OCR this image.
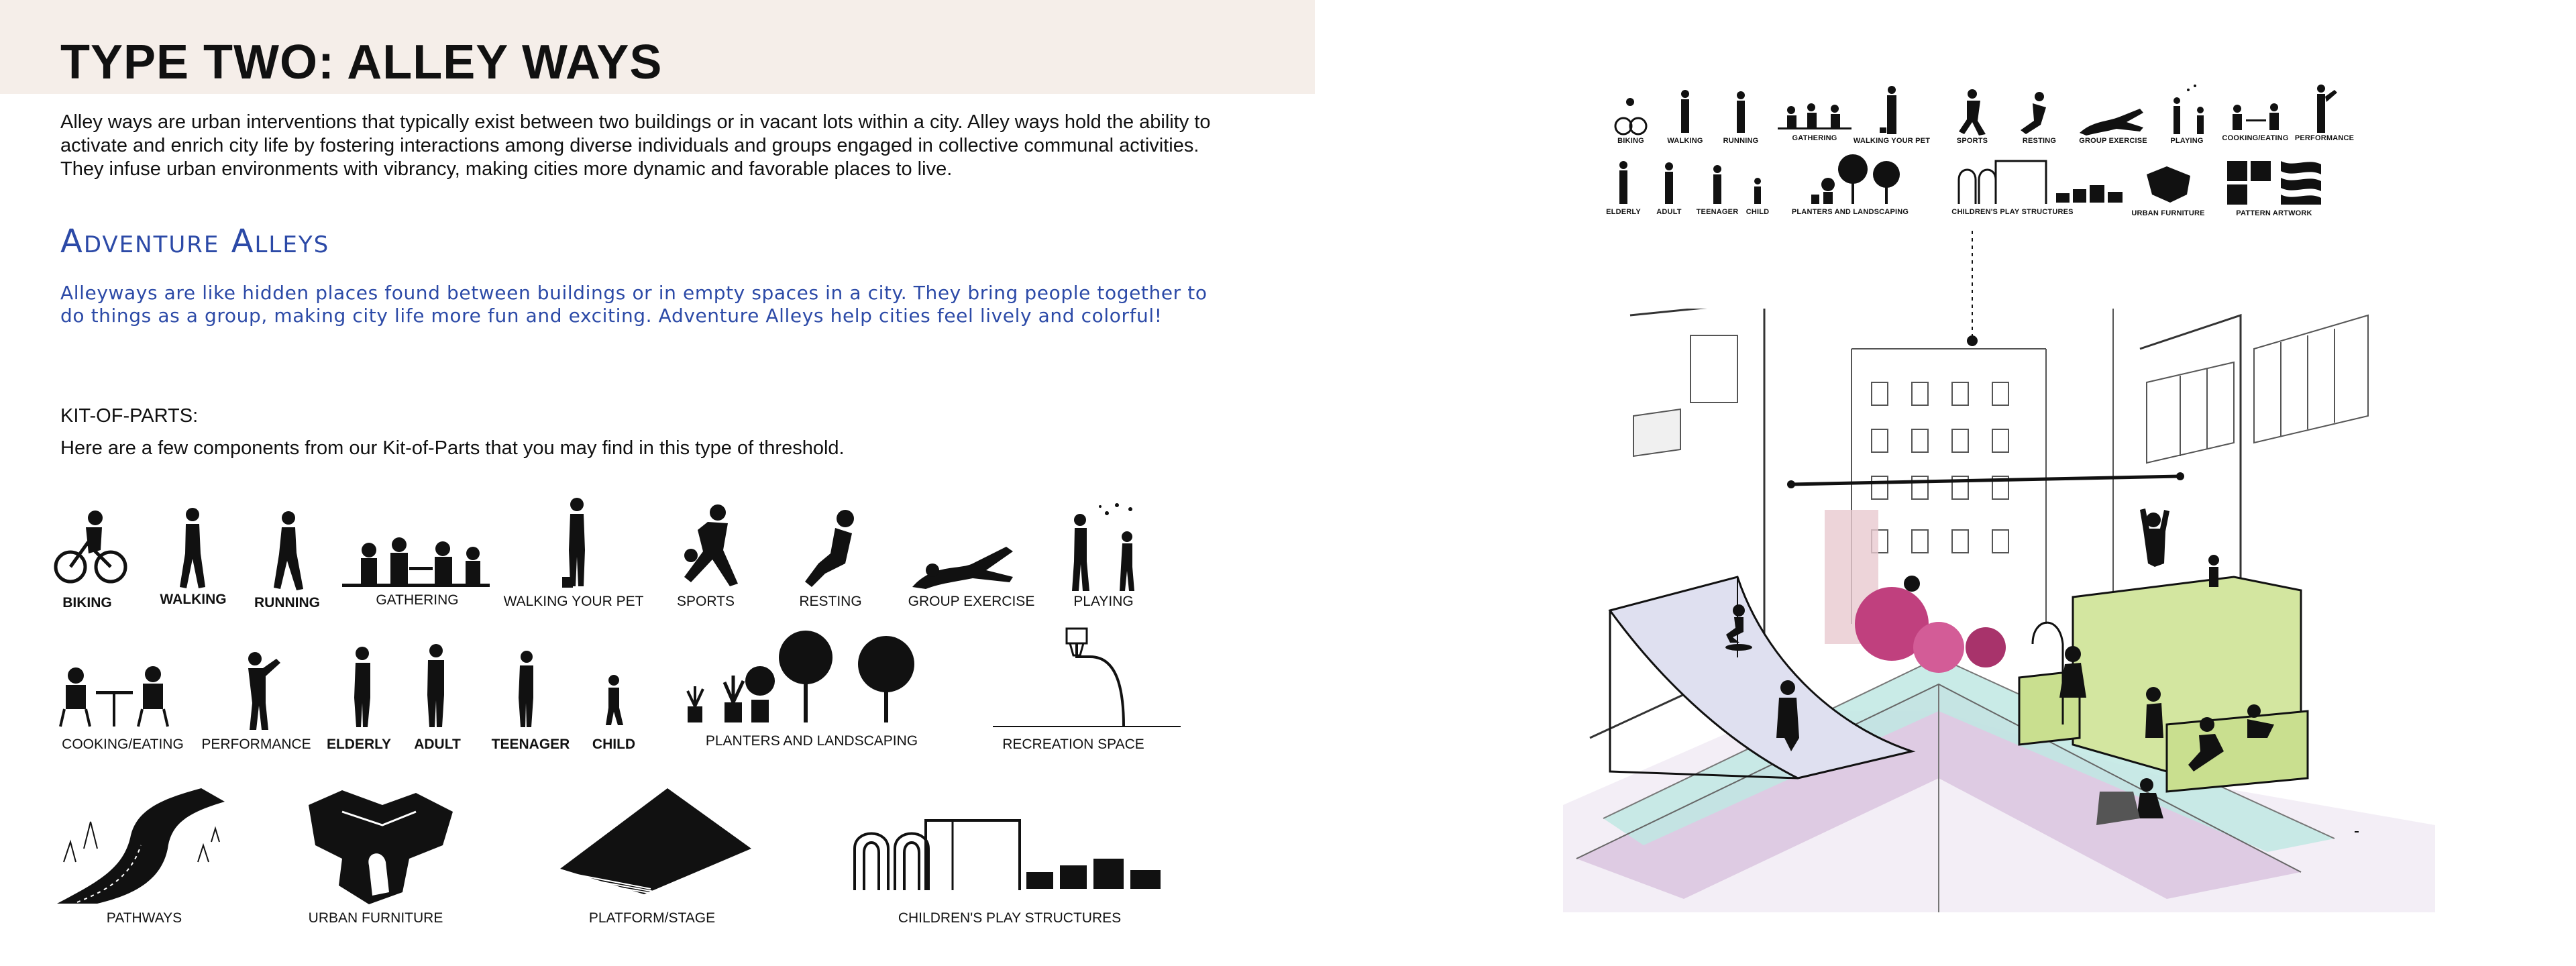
TYPE TWO: ALLEY WAYS

Alley ways are urban interventions that typically exist between two buildings or in vacant lots within a city. Alley ways hold the ability to activate and enrich city life by fostering interactions among diverse individuals and groups engaged in collective communal activities. They infuse urban environments with vibrancy, making cities more dynamic and favorable places to live.

Adventure Alleys

Alleyways are like hidden places found between buildings or in empty spaces in a city. They bring people together to do things as a group, making city life more fun and exciting. Adventure Alleys help cities feel lively and colorful!

KIT-OF-PARTS:

Here are a few components from our Kit-of-Parts that you may find in this type of threshold.

BIKING	WALKING RUNNING	GATHERING	WALKING YOUR PET SPORTS	RESTING	GROUP EXERCISE	PLAYING
COOKING/EATING PERFORMANCE ELDERLY ADULT TEENAGER CHILD	PLANTERS AND LANDSCAPING	RECREATION SPACE
PATHWAYS	URBAN FURNITURE	PLATFORM/STAGE	CHILDREN'S PLAY STRUCTURES
BIKING	WALKING	RUNNING	GATHERING WALKING YOUR PET	SPORTS	RESTING	GROUP EXERCISE	PLAYING	COOKING/EATING PERFORMANCE
ELDERLY ADULT TEENAGER CHILD	PLANTERS AND LANDSCAPING	CHILDREN'S PLAY STRUCTURES	URBAN FURNITURE	PATTERN ARTWORK
